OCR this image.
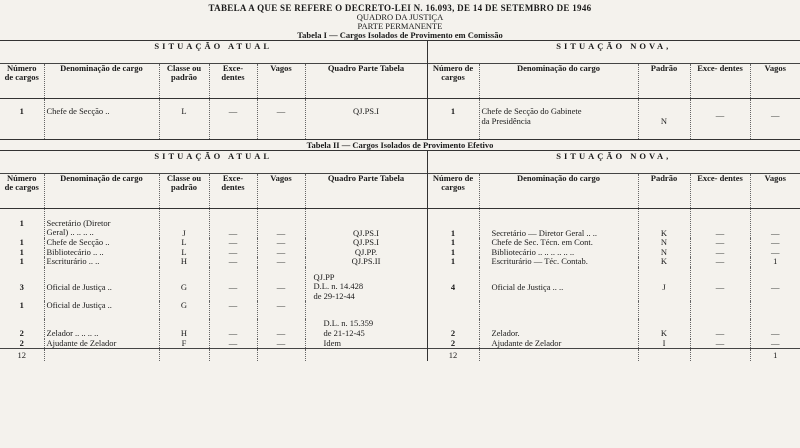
TABELA A QUE SE REFERE O DECRETO-LEI N. 16.093, DE 14 DE SETEMBRO DE 1946
QUADRO DA JUSTIÇA
PARTE PERMANENTE
Tabela I — Cargos Isolados de Provimento em Comissão
SITUAÇÃO ATUAL						SITUAÇÃO NOVA,				
Número de cargos	Denominação de cargo	Classe ou padrão	Exce- dentes	Vagos	Quadro Parte Tabela	Número de cargos	Denominação do cargo	Padrão	Exce- dentes	Vagos
1	Chefe de Secção ..	L	—	—	QJ.PS.I	1	Chefe de Secção do Gabinete
da Presidência	N	—	—
Tabela II — Cargos Isolados de Provimento Efetivo
SITUAÇÃO ATUAL						SITUAÇÃO NOVA,				
Número de cargos	Denominação de cargo	Classe ou padrão	Exce- dentes	Vagos	Quadro Parte Tabela	Número de cargos	Denominação do cargo	Padrão	Exce- dentes	Vagos
1	Secretário (Diretor
Geral) .. .. .. ..	J	—	—	QJ.PS.I	1	Secretário — Diretor Geral .. ..	K	—	—
1	Chefe de Secção ..	L	—	—	QJ.PS.I	1	Chefe de Sec. Técn. em Cont.	N	—	—
1	Bibliotecário .. ..	L	—	—	QJ.PP.	1	Bibliotecário .. .. .. .. .. ..	N	—	—
1	Escriturário .. ..	H	—	—	QJ.PS.II	1	Escriturário — Téc. Contab.	K	—	1
3	Oficial de Justiça ..	G	—	—	QJ.PP
D.L. n. 14.428
de 29-12-44	4	Oficial de Justiça .. ..	J	—	—
1	Oficial de Justiça ..	G	—	—						
2	Zelador .. .. .. ..	H	—	—	D.L. n. 15.359
de 21-12-45	2	Zelador.	K	—	—
2	Ajudante de Zelador	F	—	—	Idem	2	Ajudante de Zelador	I	—	—
12						12				1
